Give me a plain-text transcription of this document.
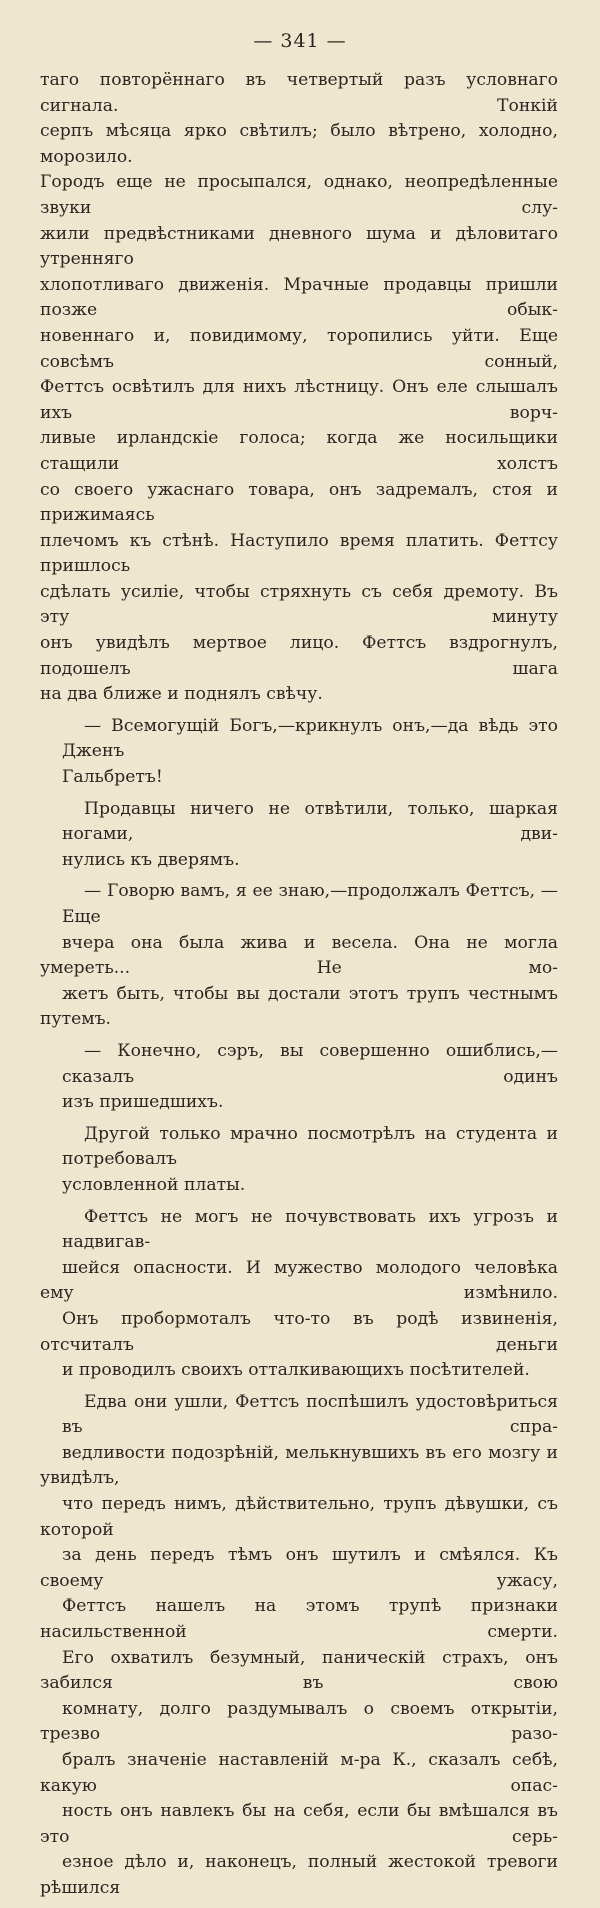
— 341 —
таго повторённаго въ четвертый разъ условнаго сигнала. Тонкій
серпъ мѣсяца ярко свѣтилъ; было вѣтрено, холодно, морозило.
Городъ еще не просыпался, однако, неопредѣленные звуки слу-
жили предвѣстниками дневного шума и дѣловитаго утренняго
хлопотливаго движенія. Мрачные продавцы пришли позже обык-
новеннаго и, повидимому, торопились уйти. Еще совсѣмъ сонный,
Феттсъ освѣтилъ для нихъ лѣстницу. Онъ еле слышалъ ихъ ворч-
ливые ирландскіе голоса; когда же носильщики стащили холстъ
со своего ужаснаго товара, онъ задремалъ, стоя и прижимаясь
плечомъ къ стѣнѣ. Наступило время платить. Феттсу пришлось
сдѣлать усиліе, чтобы стряхнуть съ себя дремоту. Въ эту минуту
онъ увидѣлъ мертвое лицо. Феттсъ вздрогнулъ, подошелъ шага
на два ближе и поднялъ свѣчу.
— Всемогущій Богъ,—крикнулъ онъ,—да вѣдь это Дженъ
Гальбретъ!
Продавцы ничего не отвѣтили, только, шаркая ногами, дви-
нулись къ дверямъ.
— Говорю вамъ, я ее знаю,—продолжалъ Феттсъ, — Еще
вчера она была жива и весела. Она не могла умереть... Не мо-
жетъ быть, чтобы вы достали этотъ трупъ честнымъ путемъ.
— Конечно, сэръ, вы совершенно ошиблись,—сказалъ одинъ
изъ пришедшихъ.
Другой только мрачно посмотрѣлъ на студента и потребовалъ
условленной платы.
Феттсъ не могъ не почувствовать ихъ угрозъ и надвигав-
шейся опасности. И мужество молодого человѣка ему измѣнило.
Онъ пробормоталъ что-то въ родѣ извиненія, отсчиталъ деньги
и проводилъ своихъ отталкивающихъ посѣтителей.
Едва они ушли, Феттсъ поспѣшилъ удостовѣриться въ спра-
ведливости подозрѣній, мелькнувшихъ въ его мозгу и увидѣлъ,
что передъ нимъ, дѣйствительно, трупъ дѣвушки, съ которой
за день передъ тѣмъ онъ шутилъ и смѣялся. Къ своему ужасу,
Феттсъ нашелъ на этомъ трупѣ признаки насильственной смерти.
Его охватилъ безумный, паническій страхъ, онъ забился въ свою
комнату, долго раздумывалъ о своемъ открытіи, трезво разо-
бралъ значеніе наставленій м-ра К., сказалъ себѣ, какую опас-
ность онъ навлекъ бы на себя, если бы вмѣшался въ это серь-
езное дѣло и, наконецъ, полный жестокой тревоги рѣшился
